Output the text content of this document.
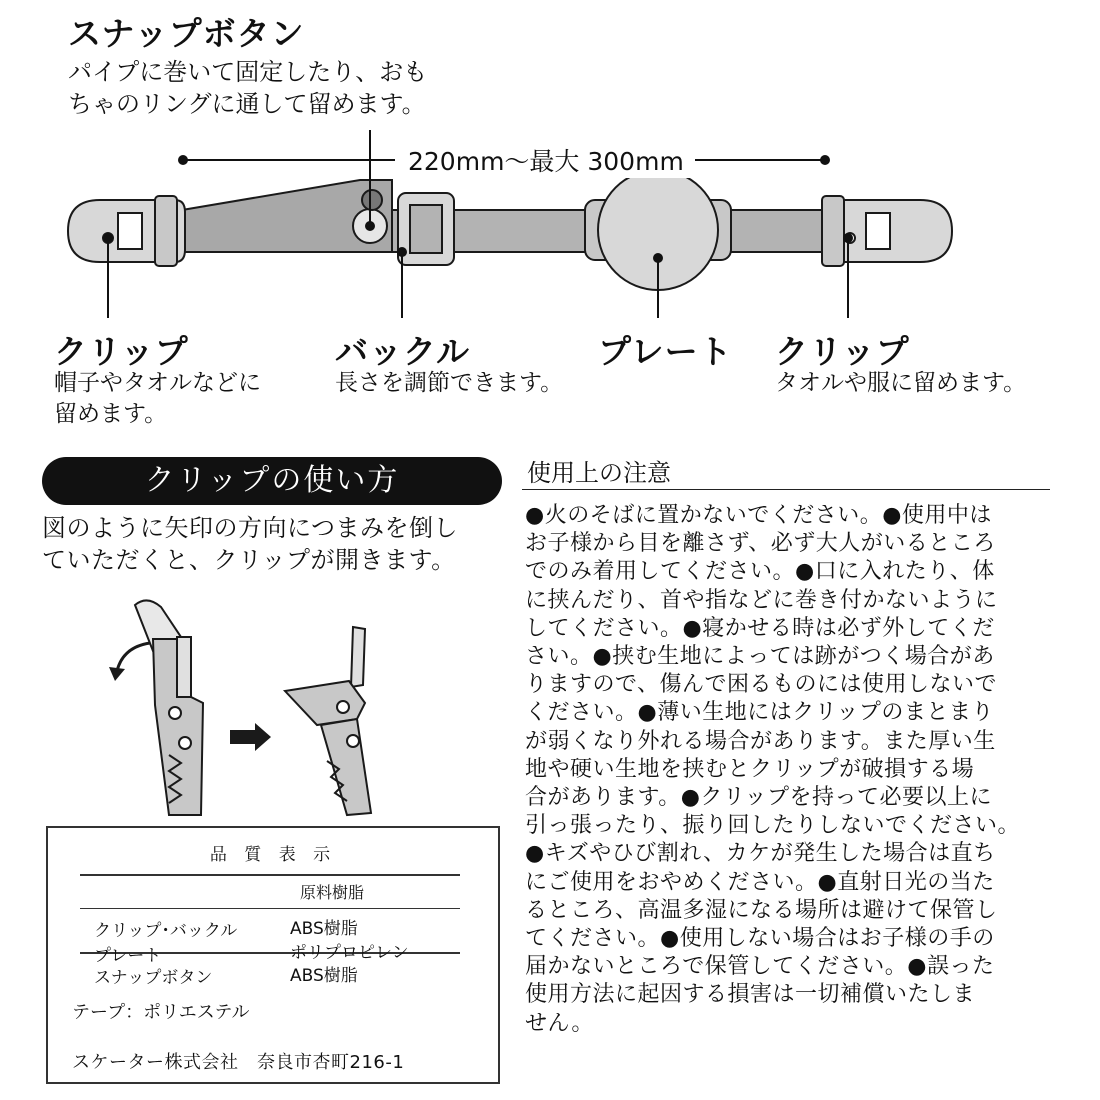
スナップボタン
パイプに巻いて固定したり、おも
ちゃのリングに通して留めます。
220mm〜最大 300mm
クリップ
帽子やタオルなどに
留めます。
バックル
長さを調節できます。
プレート クリップ
タオルや服に留めます。
クリップの使い方
図のように矢印の方向につまみを倒し
ていただくと、クリップが開きます。
品 質 表 示
原料樹脂
クリップ･バックル	ABS樹脂
プレート	ポリプロピレン
スナップボタン	ABS樹脂
テープ：ポリエステル
スケーター株式会社　奈良市杏町216-1
使用上の注意
●火のそばに置かないでください。●使用中は
お子様から目を離さず、必ず大人がいるところ
でのみ着用してください。●口に入れたり、体
に挟んだり、首や指などに巻き付かないように
してください。●寝かせる時は必ず外してくだ
さい。●挟む生地によっては跡がつく場合があ
りますので、傷んで困るものには使用しないで
ください。●薄い生地にはクリップのまとまり
が弱くなり外れる場合があります。また厚い生
地や硬い生地を挟むとクリップが破損する場
合があります。●クリップを持って必要以上に
引っ張ったり、振り回したりしないでください。
●キズやひび割れ、カケが発生した場合は直ち
にご使用をおやめください。●直射日光の当た
るところ、高温多湿になる場所は避けて保管し
てください。●使用しない場合はお子様の手の
届かないところで保管してください。●誤った
使用方法に起因する損害は一切補償いたしま
せん。
